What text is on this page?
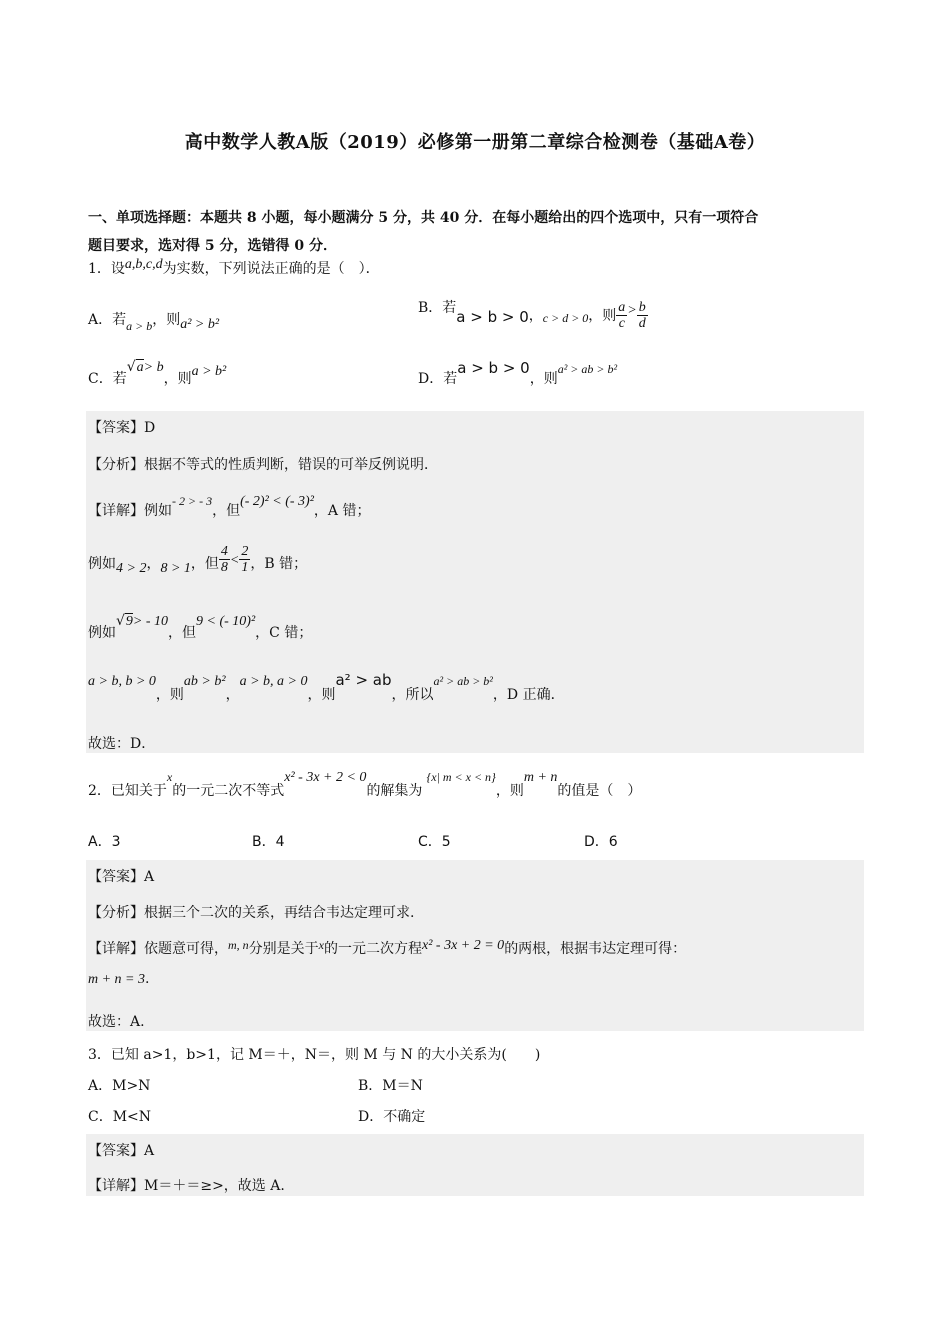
高中数学人教A版（2019）必修第一册第二章综合检测卷（基础A卷）
一、单项选择题：本题共 8 小题，每小题满分 5 分，共 40 分．在每小题给出的四个选项中，只有一项符合
题目要求，选对得 5 分，选错得 0 分．
1．设a,b,c,d为实数，下列说法正确的是（　）．
A．若a > b，则a² > b²
B．若a > b > 0，c > d > 0，则 $\frac{a}{c} > \frac{b}{d}$
C．若√a> b，则a > b²	D．若a > b > 0，则a² > ab > b²
【答案】D
【分析】根据不等式的性质判断，错误的可举反例说明．
【详解】例如- 2 > - 3，但(- 2)² < (- 3)²，A 错；
例如4 > 2，8 > 1，但 $\frac{4}{8} < \frac{2}{1}$ ，B 错；
例如√9> - 10，但9 < (- 10)²，C 错；
a > b, b > 0，则ab > b²，a > b, a > 0，则a² > ab，所以a² > ab > b²，D 正确．
故选：D．
2．已知关于x的一元二次不等式x² - 3x + 2 < 0的解集为{x| m < x < n}，则m + n的值是（　）
A．3	B．4	C．5	D．6
【答案】A
【分析】根据三个二次的关系，再结合韦达定理可求.
【详解】依题意可得，m, n分别是关于x的一元二次方程x² - 3x + 2 = 0的两根，根据韦达定理可得：
m + n = 3.
故选：A.
3．已知 a>1，b>1，记 M＝＋，N＝，则 M 与 N 的大小关系为(　　)
A．M>N	B．M＝N
C．M<N	D．不确定
【答案】A
【详解】M＝＋＝≥>，故选 A.
